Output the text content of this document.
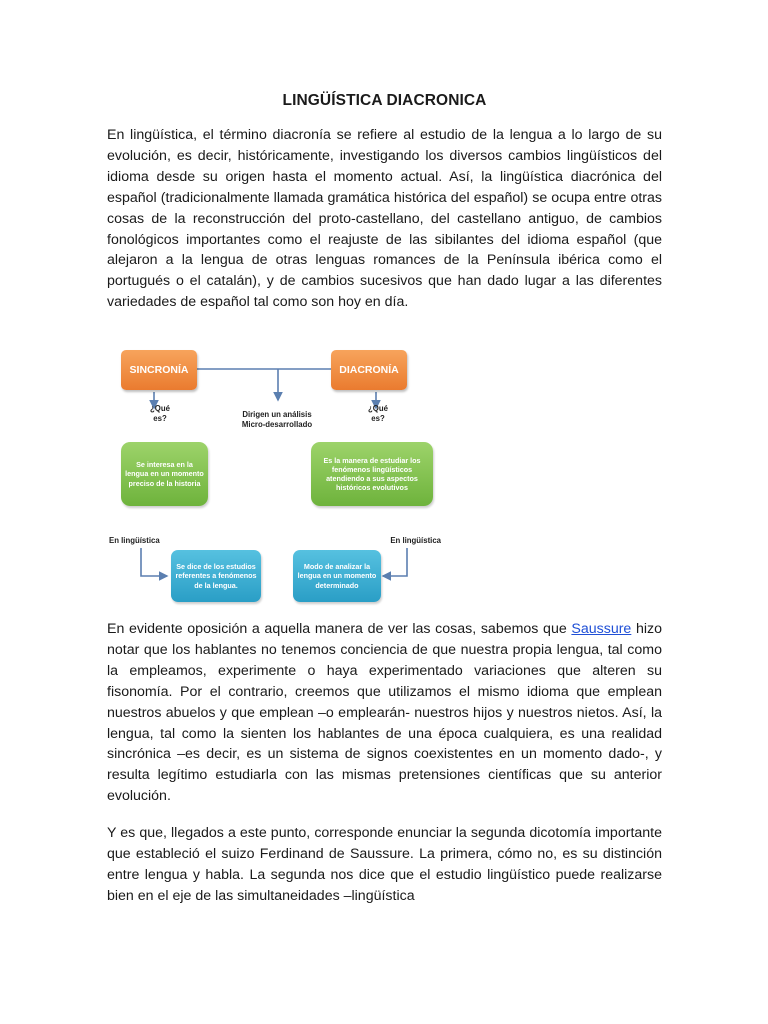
LINGÜÍSTICA DIACRONICA

En lingüística, el término diacronía se refiere al estudio de la lengua a lo largo de su evolución, es decir, históricamente, investigando los diversos cambios lingüísticos del idioma desde su origen hasta el momento actual. Así, la lingüística diacrónica del español (tradicionalmente llamada gramática histórica del español) se ocupa entre otras cosas de la reconstrucción del proto-castellano, del castellano antiguo, de cambios fonológicos importantes como el reajuste de las sibilantes del idioma español (que alejaron a la lengua de otras lenguas romances de la Península ibérica como el portugués o el catalán), y de cambios sucesivos que han dado lugar a las diferentes variedades de español tal como son hoy en día.

SINCRONÍA	DIACRONÍA
¿Qué es?
¿Qué es?
Dirigen un análisis
Micro-desarrollado
Se interesa en la lengua en un momento preciso de la historia
Es la manera de estudiar los fenómenos lingüísticos atendiendo a sus aspectos históricos evolutivos
En lingüística	En lingüística
Se dice de los estudios referentes a fenómenos de la lengua.
Modo de analizar la lengua en un momento determinado

En evidente oposición a aquella manera de ver las cosas, sabemos que Saussure hizo notar que los hablantes no tenemos conciencia de que nuestra propia lengua, tal como la empleamos, experimente o haya experimentado variaciones que alteren su fisonomía. Por el contrario, creemos que utilizamos el mismo idioma que emplean nuestros abuelos y que emplean –o emplearán- nuestros hijos y nuestros nietos. Así, la lengua, tal como la sienten los hablantes de una época cualquiera, es una realidad sincrónica –es decir, es un sistema de signos coexistentes en un momento dado-, y resulta legítimo estudiarla con las mismas pretensiones científicas que su anterior evolución.

Y es que, llegados a este punto, corresponde enunciar la segunda dicotomía importante que estableció el suizo Ferdinand de Saussure. La primera, cómo no, es su distinción entre lengua y habla. La segunda nos dice que el estudio lingüístico puede realizarse bien en el eje de las simultaneidades –lingüística
